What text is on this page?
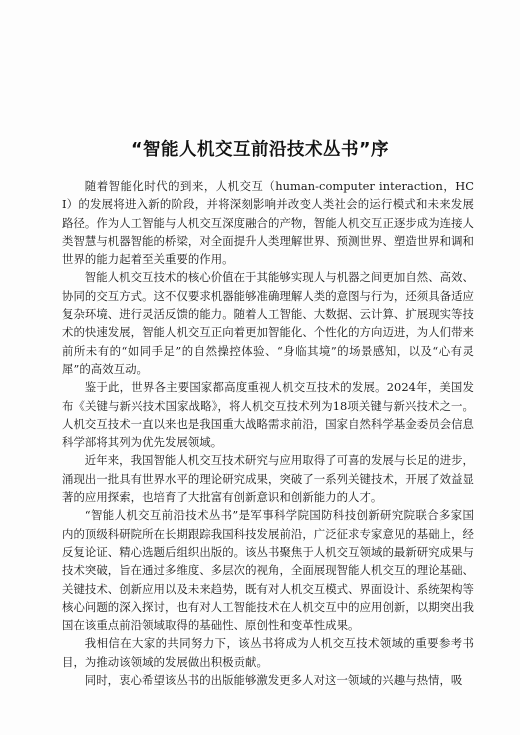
“智能人机交互前沿技术丛书”序

随着智能化时代的到来，人机交互（human-computer interaction，HCI）的发展将进入新的阶段，并将深刻影响并改变人类社会的运行模式和未来发展路径。作为人工智能与人机交互深度融合的产物，智能人机交互正逐步成为连接人类智慧与机器智能的桥梁，对全面提升人类理解世界、预测世界、塑造世界和调和世界的能力起着至关重要的作用。

智能人机交互技术的核心价值在于其能够实现人与机器之间更加自然、高效、协同的交互方式。这不仅要求机器能够准确理解人类的意图与行为，还须具备适应复杂环境、进行灵活反馈的能力。随着人工智能、大数据、云计算、扩展现实等技术的快速发展，智能人机交互正向着更加智能化、个性化的方向迈进，为人们带来前所未有的“如同手足”的自然操控体验、“身临其境”的场景感知，以及“心有灵犀”的高效互动。

鉴于此，世界各主要国家都高度重视人机交互技术的发展。2024年，美国发布《关键与新兴技术国家战略》，将人机交互技术列为18项关键与新兴技术之一。人机交互技术一直以来也是我国重大战略需求前沿，国家自然科学基金委员会信息科学部将其列为优先发展领域。

近年来，我国智能人机交互技术研究与应用取得了可喜的发展与长足的进步，涌现出一批具有世界水平的理论研究成果，突破了一系列关键技术，开展了效益显著的应用探索，也培育了大批富有创新意识和创新能力的人才。

“智能人机交互前沿技术丛书”是军事科学院国防科技创新研究院联合多家国内的顶级科研院所在长期跟踪我国科技发展前沿，广泛征求专家意见的基础上，经反复论证、精心选题后组织出版的。该丛书聚焦于人机交互领域的最新研究成果与技术突破，旨在通过多维度、多层次的视角，全面展现智能人机交互的理论基础、关键技术、创新应用以及未来趋势，既有对人机交互模式、界面设计、系统架构等核心问题的深入探讨，也有对人工智能技术在人机交互中的应用创新，以期突出我国在该重点前沿领域取得的基础性、原创性和变革性成果。

我相信在大家的共同努力下，该丛书将成为人机交互技术领域的重要参考书目，为推动该领域的发展做出积极贡献。

同时，衷心希望该丛书的出版能够激发更多人对这一领域的兴趣与热情，吸
